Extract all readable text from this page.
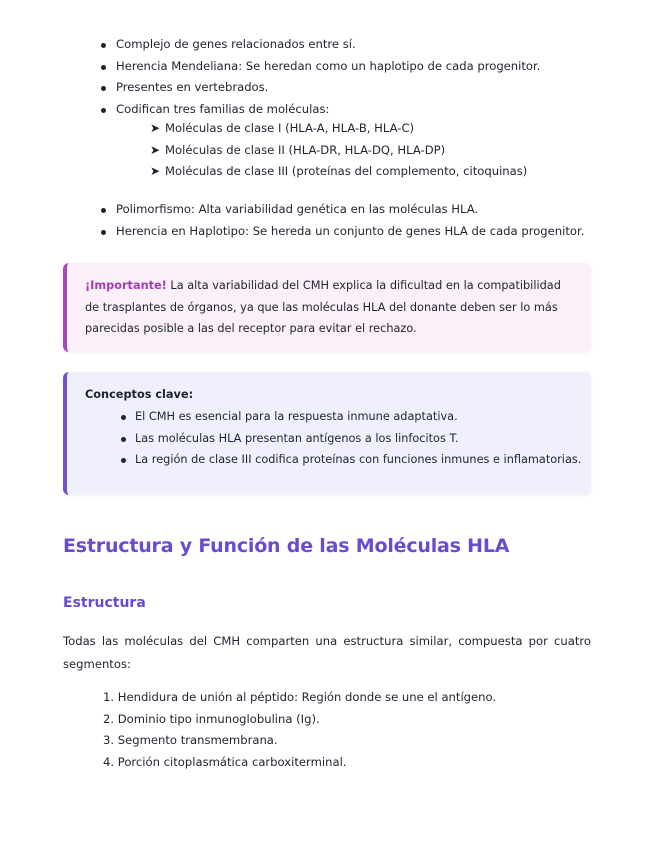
Complejo de genes relacionados entre sí.
Herencia Mendeliana: Se heredan como un haplotipo de cada progenitor.
Presentes en vertebrados.
Codifican tres familias de moléculas:
➤ Moléculas de clase I (HLA-A, HLA-B, HLA-C)
➤ Moléculas de clase II (HLA-DR, HLA-DQ, HLA-DP)
➤ Moléculas de clase III (proteínas del complemento, citoquinas)
Polimorfismo: Alta variabilidad genética en las moléculas HLA.
Herencia en Haplotipo: Se hereda un conjunto de genes HLA de cada progenitor.

¡Importante! La alta variabilidad del CMH explica la dificultad en la compatibilidad de trasplantes de órganos, ya que las moléculas HLA del donante deben ser lo más parecidas posible a las del receptor para evitar el rechazo.

Conceptos clave:
El CMH es esencial para la respuesta inmune adaptativa.
Las moléculas HLA presentan antígenos a los linfocitos T.
La región de clase III codifica proteínas con funciones inmunes e inflamatorias.
Estructura y Función de las Moléculas HLA
Estructura

Todas las moléculas del CMH comparten una estructura similar, compuesta por cuatro segmentos:

1. Hendidura de unión al péptido: Región donde se une el antígeno.
2. Dominio tipo inmunoglobulina (Ig).
3. Segmento transmembrana.
4. Porción citoplasmática carboxiterminal.
